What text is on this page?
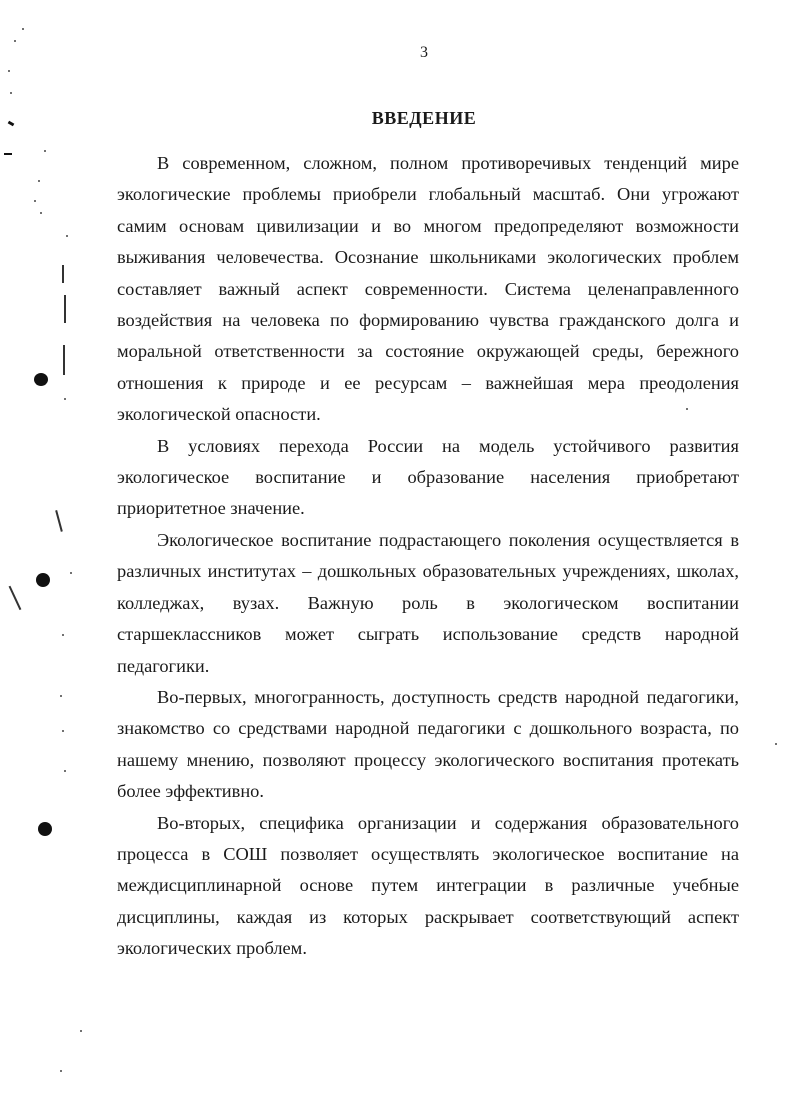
3
ВВЕДЕНИЕ

В современном, сложном, полном противоречивых тенденций мире экологические проблемы приобрели глобальный масштаб. Они угрожают самим основам цивилизации и во многом предопределяют возможности выживания человечества. Осознание школьниками экологических проблем составляет важный аспект современности. Система целенаправленного воздействия на человека по формированию чувства гражданского долга и моральной ответственности за состояние окружающей среды, бережного отношения к природе и ее ресурсам – важнейшая мера преодоления экологической опасности.

В условиях перехода России на модель устойчивого развития экологическое воспитание и образование населения приобретают приоритетное значение.

Экологическое воспитание подрастающего поколения осуществляется в различных институтах – дошкольных образовательных учреждениях, школах, колледжах, вузах. Важную роль в экологическом воспитании старшеклассников может сыграть использование средств народной педагогики.

Во-первых, многогранность, доступность средств народной педагогики, знакомство со средствами народной педагогики с дошкольного возраста, по нашему мнению, позволяют процессу экологического воспитания протекать более эффективно.

Во-вторых, специфика организации и содержания образовательного процесса в СОШ позволяет осуществлять экологическое воспитание на междисциплинарной основе путем интеграции в различные учебные дисциплины, каждая из которых раскрывает соответствующий аспект экологических проблем.
